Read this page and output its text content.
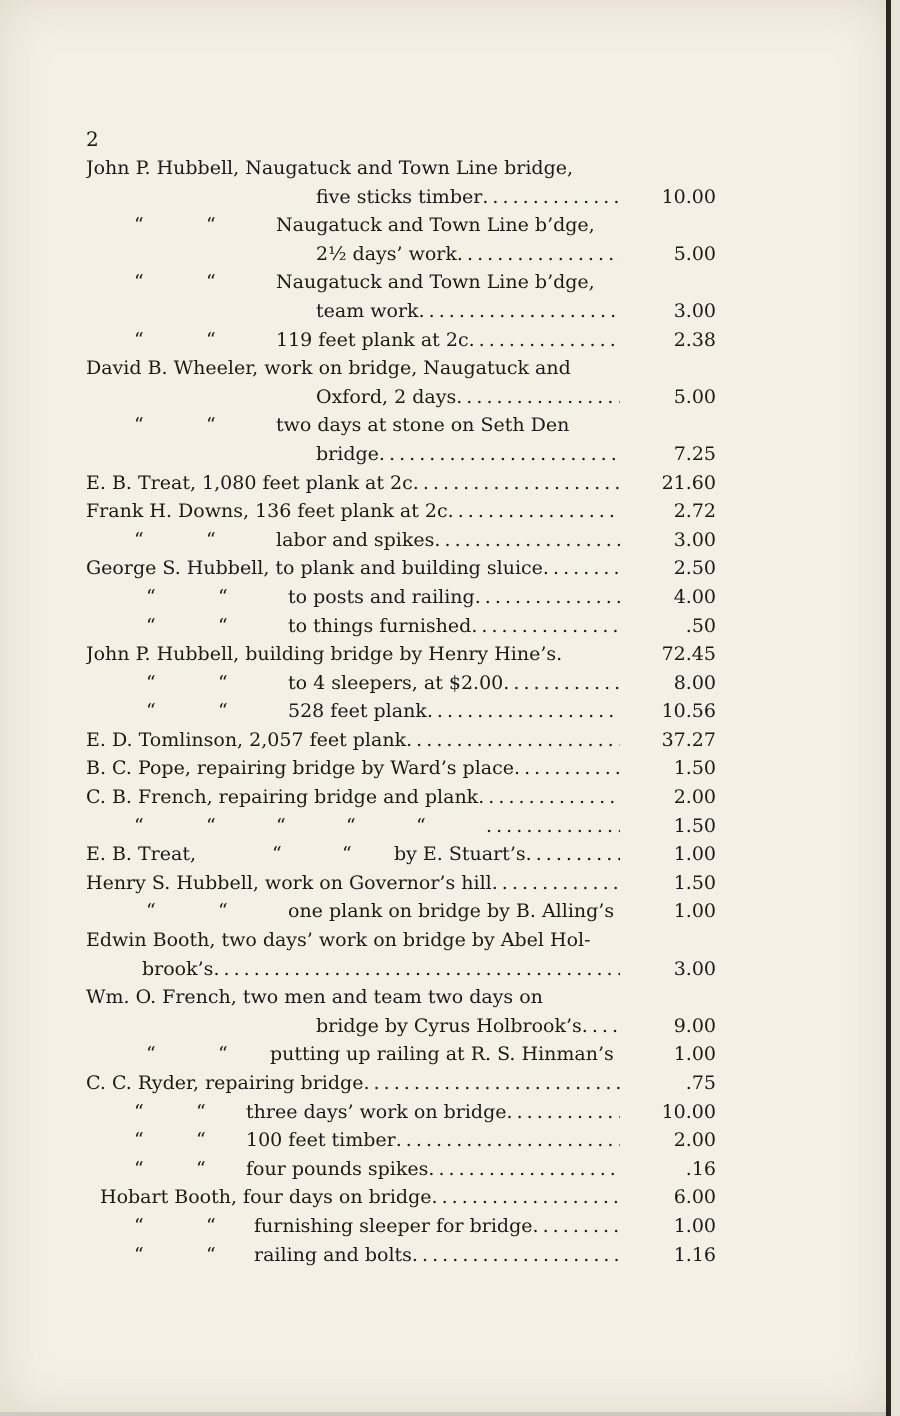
2
John P. Hubbell, Naugatuck and Town Line bridge,
five sticks timber . . .	10.00
“	“	Naugatuck and Town Line b’dge,
2½ days’ work . . .	5.00
“	“	Naugatuck and Town Line b’dge,
team work . . .	3.00
“	“	119 feet plank at 2c . . .	2.38
David B. Wheeler, work on bridge, Naugatuck and
Oxford, 2 days . . .	5.00
“	“	two days at stone on Seth Den
bridge . . .	7.25
E. B. Treat, 1,080 feet plank at 2c . . .	21.60
Frank H. Downs, 136 feet plank at 2c . . .	2.72
“	“	labor and spikes . . .	3.00
George S. Hubbell, to plank and building sluice . . .	2.50
“	“	to posts and railing . . .	4.00
“	“	to things furnished . . .	.50
John P. Hubbell, building bridge by Henry Hine’s.	72.45
“	“	to 4 sleepers, at $2.00 . . .	8.00
“	“	528 feet plank . . .	10.56
E. D. Tomlinson, 2,057 feet plank . . .	37.27
B. C. Pope, repairing bridge by Ward’s place . . .	1.50
C. B. French, repairing bridge and plank . . .	2.00
“	“	“	“	“ . . .	1.50
E. B. Treat,	“	“	by E. Stuart’s . . .	1.00
Henry S. Hubbell, work on Governor’s hill . . .	1.50
“	“	one plank on bridge by B. Alling’s	1.00
Edwin Booth, two days’ work on bridge by Abel Hol-
brook’s . . .	3.00
Wm. O. French, two men and team two days on
bridge by Cyrus Holbrook’s . . .	9.00
“	“	putting up railing at R. S. Hinman’s	1.00
C. C. Ryder, repairing bridge . . .	.75
“	“	three days’ work on bridge . . .	10.00
“	“	100 feet timber . . .	2.00
“	“	four pounds spikes . . .	.16
Hobart Booth, four days on bridge . . .	6.00
“	“	furnishing sleeper for bridge . . .	1.00
“	“	railing and bolts . . .	1.16
